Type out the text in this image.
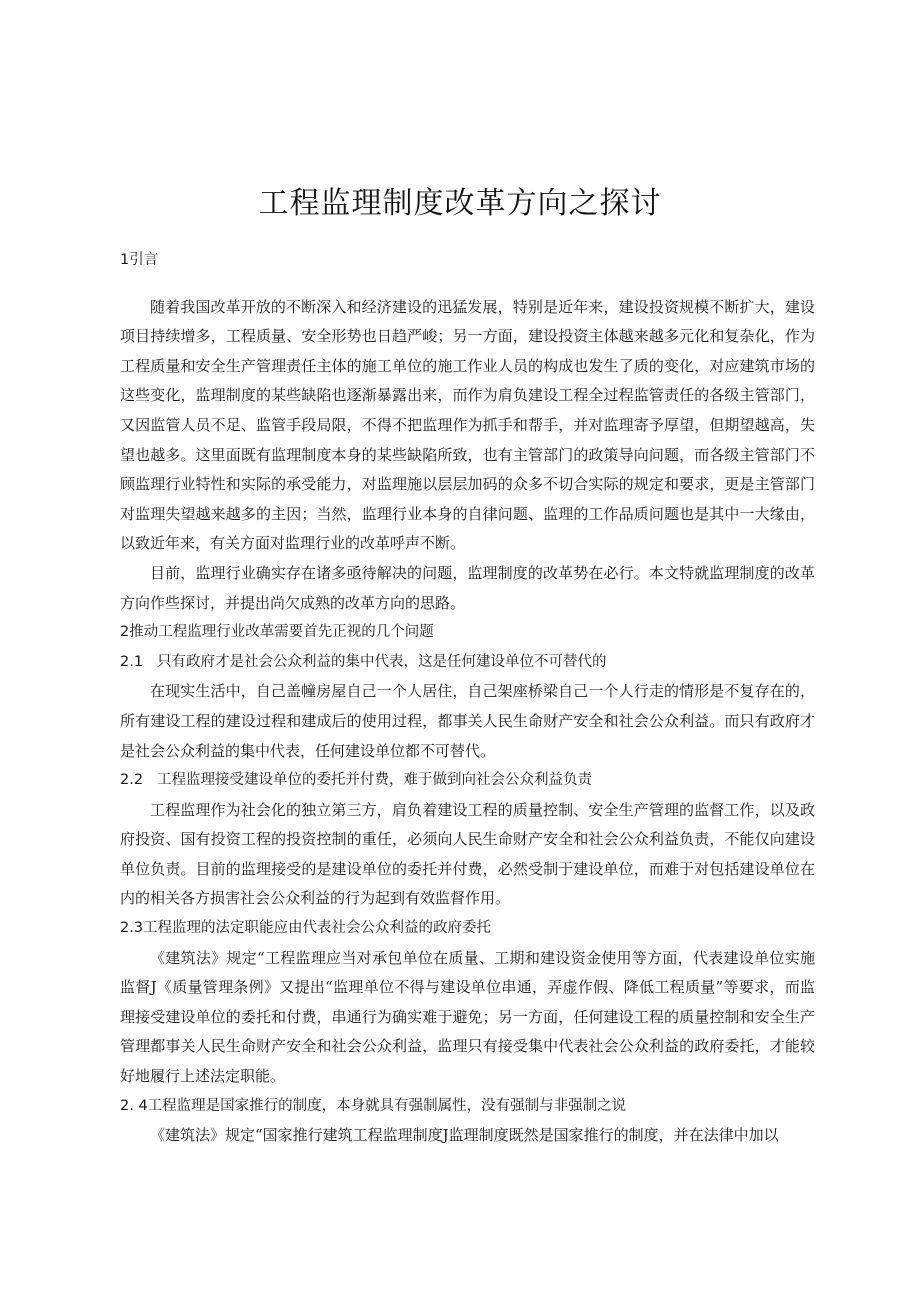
工程监理制度改革方向之探讨

1引言

随着我国改革开放的不断深入和经济建设的迅猛发展，特别是近年来，建设投资规模不断扩大，建设项目持续增多，工程质量、安全形势也日趋严峻；另一方面，建设投资主体越来越多元化和复杂化，作为工程质量和安全生产管理责任主体的施工单位的施工作业人员的构成也发生了质的变化，对应建筑市场的这些变化，监理制度的某些缺陷也逐渐暴露出来，而作为肩负建设工程全过程监管责任的各级主管部门，又因监管人员不足、监管手段局限，不得不把监理作为抓手和帮手，并对监理寄予厚望，但期望越高，失望也越多。这里面既有监理制度本身的某些缺陷所致，也有主管部门的政策导向问题，而各级主管部门不顾监理行业特性和实际的承受能力，对监理施以层层加码的众多不切合实际的规定和要求，更是主管部门对监理失望越来越多的主因；当然，监理行业本身的自律问题、监理的工作品质问题也是其中一大缘由，以致近年来，有关方面对监理行业的改革呼声不断。

目前，监理行业确实存在诸多亟待解决的问题，监理制度的改革势在必行。本文特就监理制度的改革方向作些探讨，并提出尚欠成熟的改革方向的思路。

2推动工程监理行业改革需要首先正视的几个问题

2.1 只有政府才是社会公众利益的集中代表，这是任何建设单位不可替代的

在现实生活中，自己盖幢房屋自己一个人居住，自己架座桥梁自己一个人行走的情形是不复存在的，所有建设工程的建设过程和建成后的使用过程，都事关人民生命财产安全和社会公众利益。而只有政府才是社会公众利益的集中代表，任何建设单位都不可替代。

2.2 工程监理接受建设单位的委托并付费，难于做到向社会公众利益负责

工程监理作为社会化的独立第三方，肩负着建设工程的质量控制、安全生产管理的监督工作，以及政府投资、国有投资工程的投资控制的重任，必须向人民生命财产安全和社会公众利益负责，不能仅向建设单位负责。目前的监理接受的是建设单位的委托并付费，必然受制于建设单位，而难于对包括建设单位在内的相关各方损害社会公众利益的行为起到有效监督作用。

2.3工程监理的法定职能应由代表社会公众利益的政府委托

《建筑法》规定“工程监理应当对承包单位在质量、工期和建设资金使用等方面，代表建设单位实施监督J《质量管理条例》又提出“监理单位不得与建设单位串通，弄虚作假、降低工程质量”等要求，而监理接受建设单位的委托和付费，串通行为确实难于避免；另一方面，任何建设工程的质量控制和安全生产管理都事关人民生命财产安全和社会公众利益，监理只有接受集中代表社会公众利益的政府委托，才能较好地履行上述法定职能。

2. 4工程监理是国家推行的制度，本身就具有强制属性，没有强制与非强制之说

《建筑法》规定“国家推行建筑工程监理制度J监理制度既然是国家推行的制度，并在法律中加以
